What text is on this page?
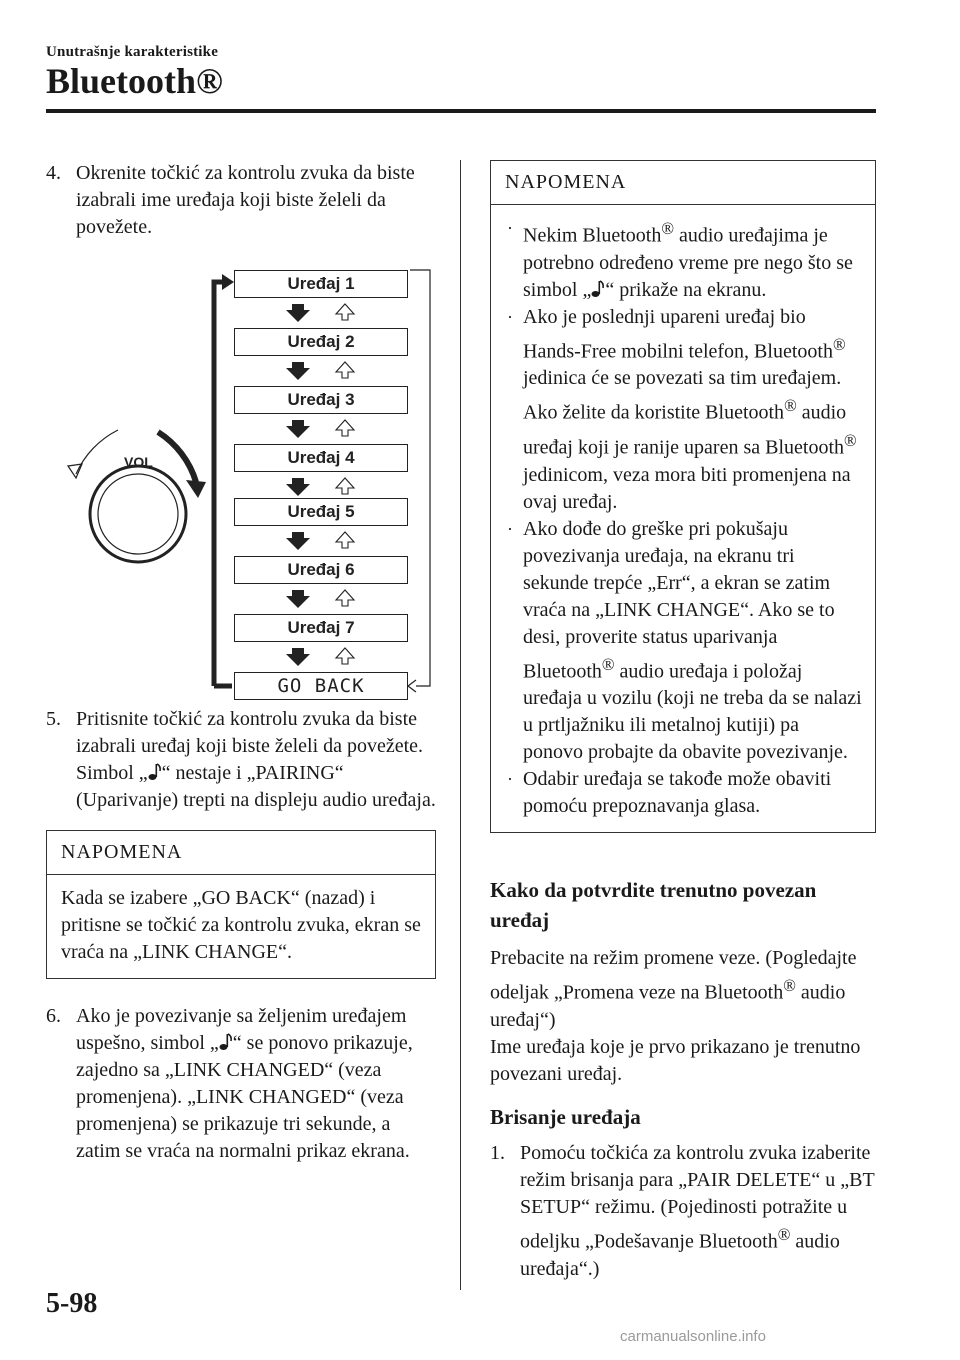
Unutrašnje karakteristike
Bluetooth®
4. Okrenite točkić za kontrolu zvuka da biste izabrali ime uređaja koji biste želeli da povežete.
VOL
Uređaj 1
Uređaj 2
Uređaj 3
Uređaj 4
Uređaj 5
Uređaj 6
Uređaj 7
GO BACK
5. Pritisnite točkić za kontrolu zvuka da biste izabrali uređaj koji biste želeli da povežete.
Simbol „ “ nestaje i „PAIRING“ (Uparivanje) trepti na displeju audio uređaja.
NAPOMENA
Kada se izabere „GO BACK“ (nazad) i pritisne se točkić za kontrolu zvuka, ekran se vraća na „LINK CHANGE“.
6. Ako je povezivanje sa željenim uređajem uspešno, simbol „ “ se ponovo prikazuje, zajedno sa „LINK CHANGED“ (veza promenjena). „LINK CHANGED“ (veza promenjena) se prikazuje tri sekunde, a zatim se vraća na normalni prikaz ekrana.
NAPOMENA
· Nekim Bluetooth® audio uređajima je potrebno određeno vreme pre nego što se simbol „ “ prikaže na ekranu.
· Ako je poslednji upareni uređaj bio Hands-Free mobilni telefon, Bluetooth® jedinica će se povezati sa tim uređajem. Ako želite da koristite Bluetooth® audio uređaj koji je ranije uparen sa Bluetooth® jedinicom, veza mora biti promenjena na ovaj uređaj.
· Ako dođe do greške pri pokušaju povezivanja uređaja, na ekranu tri sekunde trepće „Err“, a ekran se zatim vraća na „LINK CHANGE“. Ako se to desi, proverite status uparivanja Bluetooth® audio uređaja i položaj uređaja u vozilu (koji ne treba da se nalazi u prtljažniku ili metalnoj kutiji) pa ponovo probajte da obavite povezivanje.
· Odabir uređaja se takođe može obaviti pomoću prepoznavanja glasa.
Kako da potvrdite trenutno povezan uređaj
Prebacite na režim promene veze. (Pogledajte odeljak „Promena veze na Bluetooth® audio uređaj“)
Ime uređaja koje je prvo prikazano je trenutno povezani uređaj.
Brisanje uređaja
1. Pomoću točkića za kontrolu zvuka izaberite režim brisanja para „PAIR DELETE“ u „BT SETUP“ režimu. (Pojedinosti potražite u odeljku „Podešavanje Bluetooth® audio uređaja“.)
5-98
carmanualsonline.info
